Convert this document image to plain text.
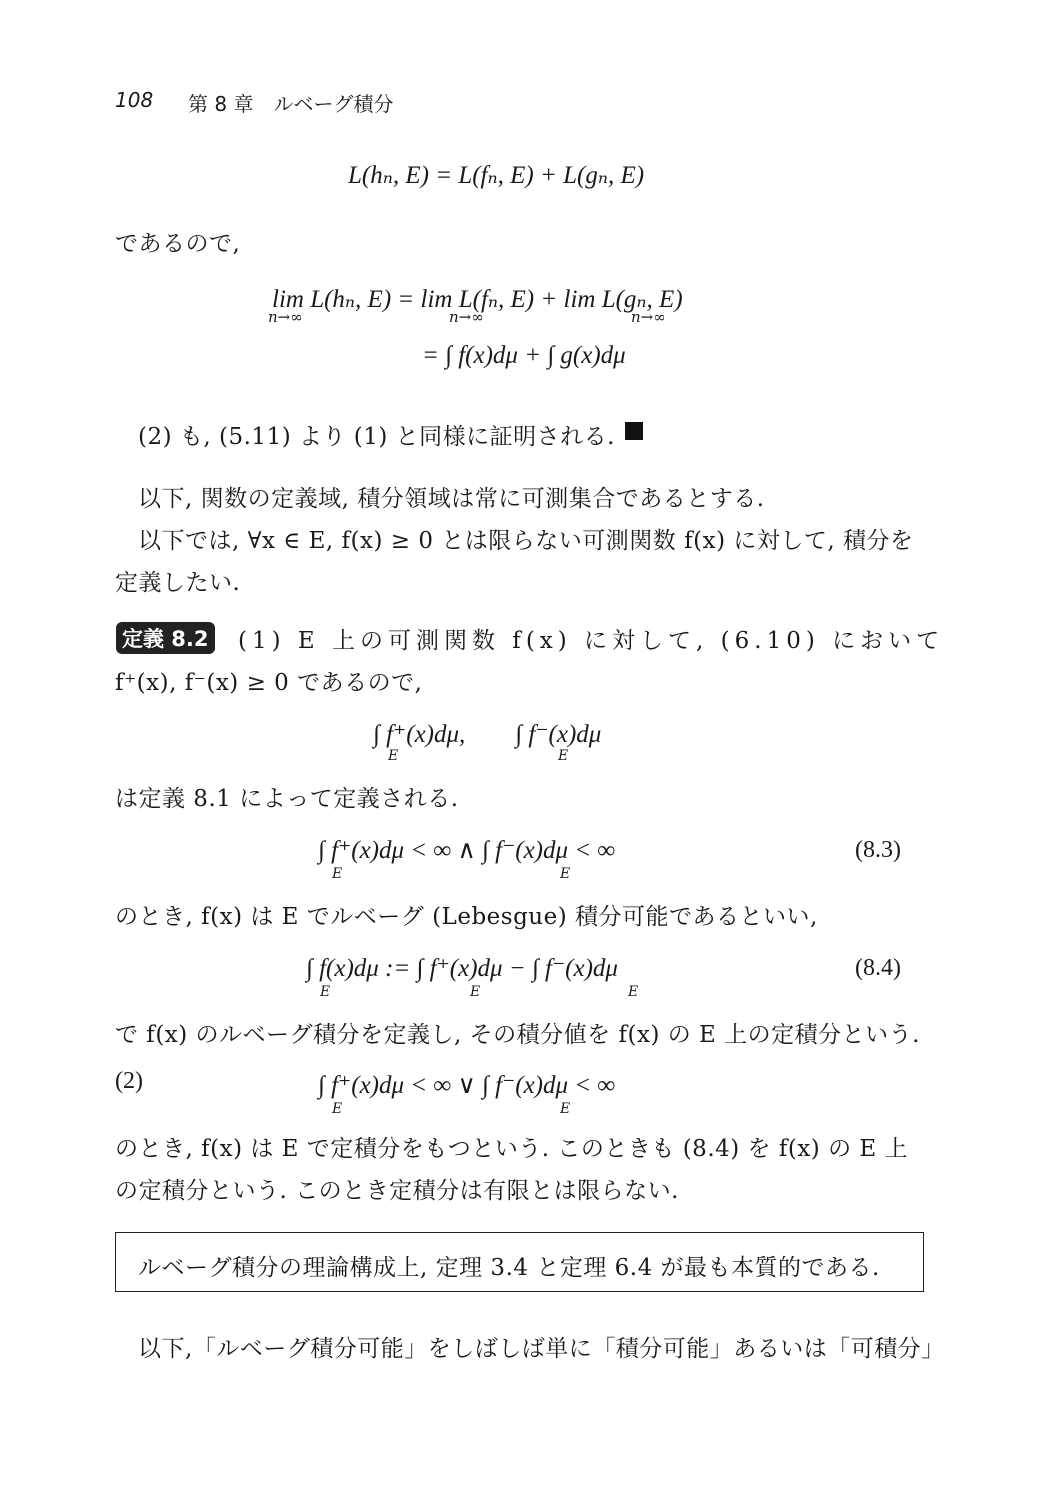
108 第 8 章　ルベーグ積分
L(hₙ, E) = L(fₙ, E) + L(gₙ, E)
であるので,
lim L(hₙ, E) = lim L(fₙ, E) + lim L(gₙ, E)
n→∞	n→∞	n→∞
= ∫ f(x)dμ + ∫ g(x)dμ
(2) も, (5.11) より (1) と同様に証明される.
以下, 関数の定義域, 積分領域は常に可測集合であるとする.
以下では, ∀x ∈ E, f(x) ≥ 0 とは限らない可測関数 f(x) に対して, 積分を
定義したい.
定義 8.2 (1) E 上の可測関数 f(x) に対して, (6.10) において
f⁺(x), f⁻(x) ≥ 0 であるので,
∫ f⁺(x)dμ,　　∫ f⁻(x)dμ
E	E
は定義 8.1 によって定義される.
∫ f⁺(x)dμ < ∞ ∧ ∫ f⁻(x)dμ < ∞
E	E
(8.3)
のとき, f(x) は E でルベーグ (Lebesgue) 積分可能であるといい,
∫ f(x)dμ := ∫ f⁺(x)dμ − ∫ f⁻(x)dμ
E	E	E
(8.4)
で f(x) のルベーグ積分を定義し, その積分値を f(x) の E 上の定積分という.
(2)	∫ f⁺(x)dμ < ∞ ∨ ∫ f⁻(x)dμ < ∞
E	E
のとき, f(x) は E で定積分をもつという. このときも (8.4) を f(x) の E 上
の定積分という. このとき定積分は有限とは限らない.
ルベーグ積分の理論構成上, 定理 3.4 と定理 6.4 が最も本質的である.
以下,「ルベーグ積分可能」をしばしば単に「積分可能」あるいは「可積分」
